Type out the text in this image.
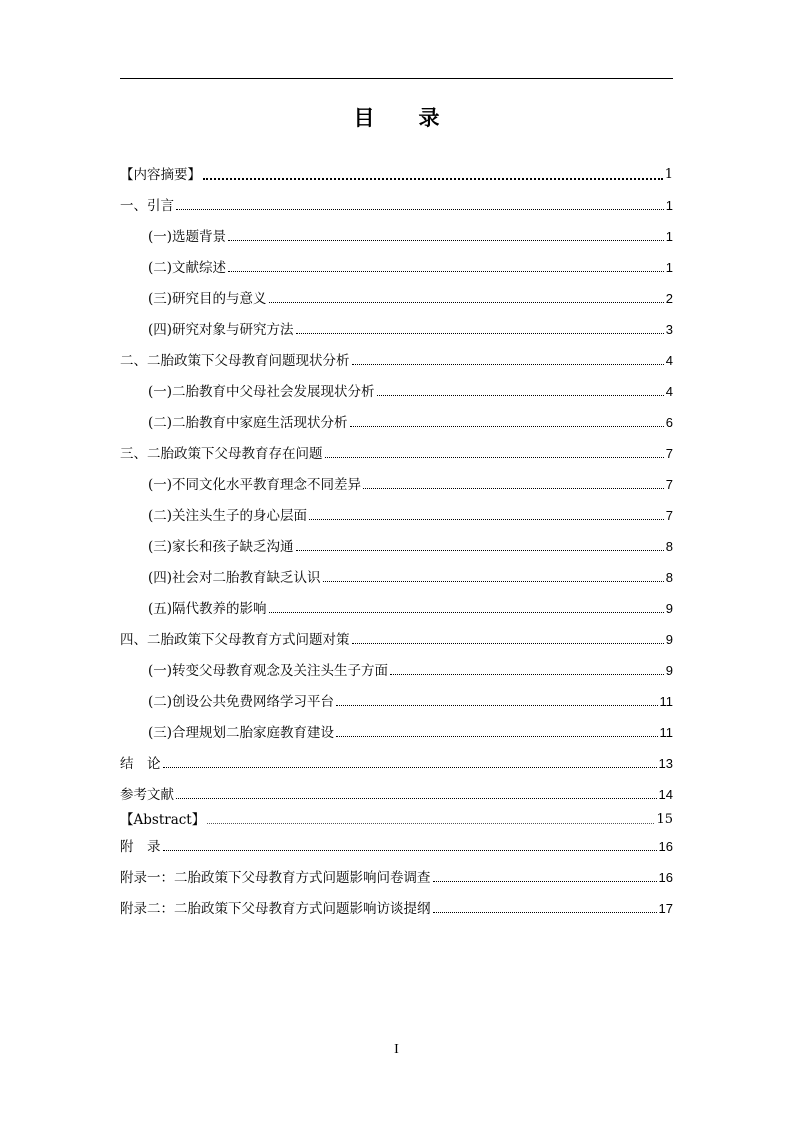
目录
【内容摘要】	1
一、引言	1
(一)选题背景	1
(二)文献综述	1
(三)研究目的与意义	2
(四)研究对象与研究方法	3
二、二胎政策下父母教育问题现状分析	4
(一)二胎教育中父母社会发展现状分析	4
(二)二胎教育中家庭生活现状分析	6
三、二胎政策下父母教育存在问题	7
(一)不同文化水平教育理念不同差异	7
(二)关注头生子的身心层面	7
(三)家长和孩子缺乏沟通	8
(四)社会对二胎教育缺乏认识	8
(五)隔代教养的影响	9
四、二胎政策下父母教育方式问题对策	9
(一)转变父母教育观念及关注头生子方面	9
(二)创设公共免费网络学习平台	11
(三)合理规划二胎家庭教育建设	11
结　论	13
参考文献	14
【Abstract】	15
附　录	16
附录一：二胎政策下父母教育方式问题影响问卷调查	16
附录二：二胎政策下父母教育方式问题影响访谈提纲	17
I
